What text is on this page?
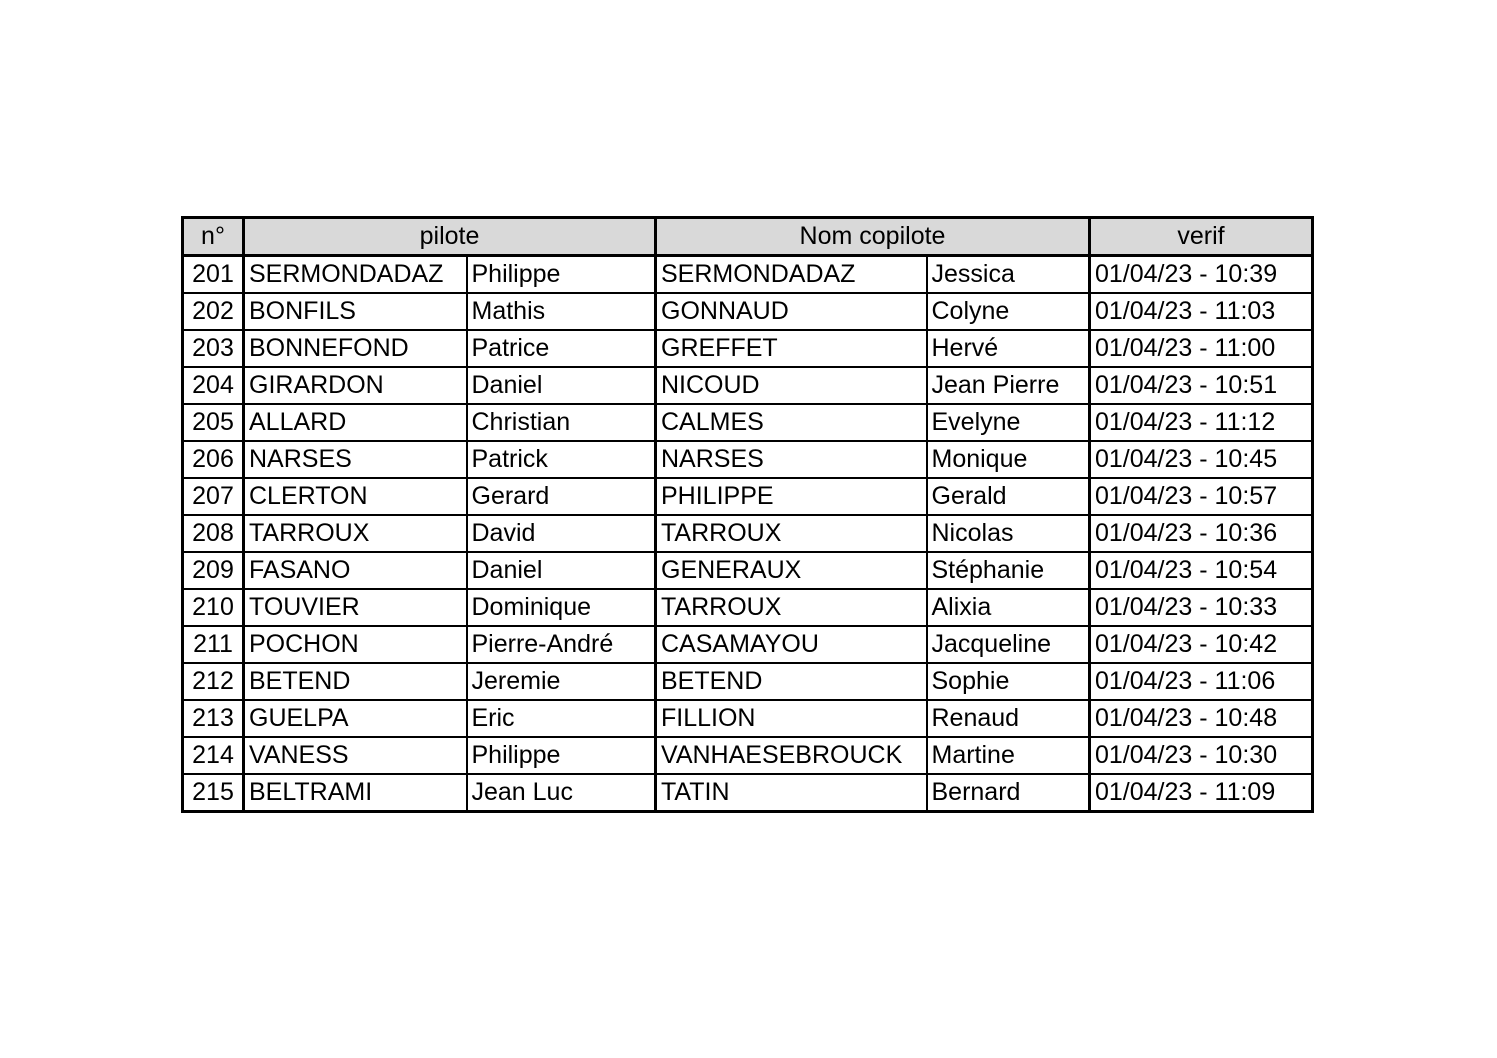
n°	pilote		Nom copilote		verif
201	SERMONDADAZ	Philippe	SERMONDADAZ	Jessica	01/04/23 - 10:39
202	BONFILS	Mathis	GONNAUD	Colyne	01/04/23 - 11:03
203	BONNEFOND	Patrice	GREFFET	Hervé	01/04/23 - 11:00
204	GIRARDON	Daniel	NICOUD	Jean Pierre	01/04/23 - 10:51
205	ALLARD	Christian	CALMES	Evelyne	01/04/23 - 11:12
206	NARSES	Patrick	NARSES	Monique	01/04/23 - 10:45
207	CLERTON	Gerard	PHILIPPE	Gerald	01/04/23 - 10:57
208	TARROUX	David	TARROUX	Nicolas	01/04/23 - 10:36
209	FASANO	Daniel	GENERAUX	Stéphanie	01/04/23 - 10:54
210	TOUVIER	Dominique	TARROUX	Alixia	01/04/23 - 10:33
211	POCHON	Pierre-André	CASAMAYOU	Jacqueline	01/04/23 - 10:42
212	BETEND	Jeremie	BETEND	Sophie	01/04/23 - 11:06
213	GUELPA	Eric	FILLION	Renaud	01/04/23 - 10:48
214	VANESS	Philippe	VANHAESEBROUCK	Martine	01/04/23 - 10:30
215	BELTRAMI	Jean Luc	TATIN	Bernard	01/04/23 - 11:09
